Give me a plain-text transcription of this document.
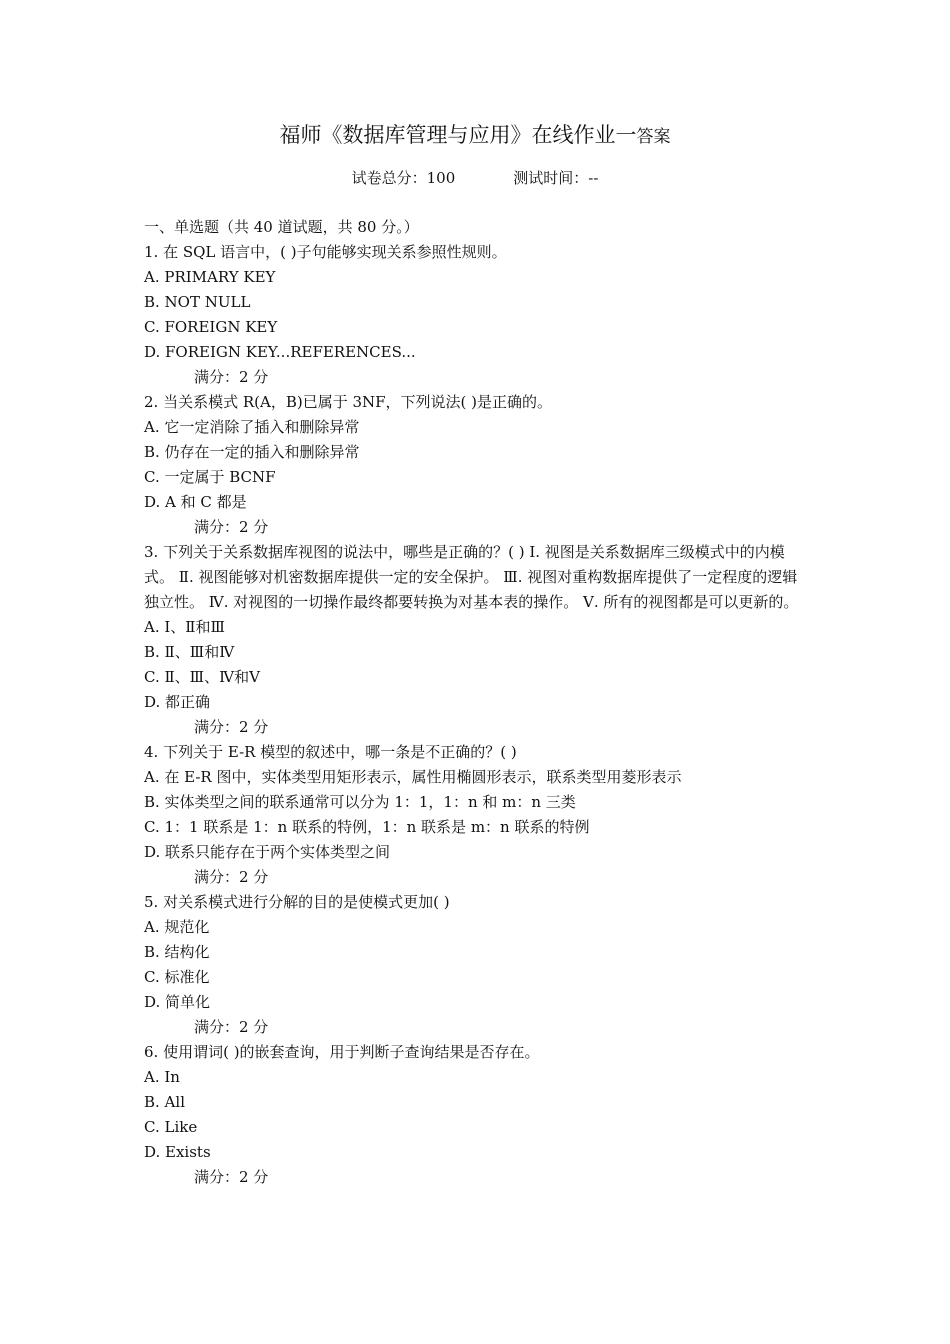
福师《数据库管理与应用》在线作业一答案
试卷总分：100	测试时间：--
一、单选题（共 40 道试题，共 80 分。）
1. 在 SQL 语言中，( )子句能够实现关系参照性规则。
A. PRIMARY KEY
B. NOT NULL
C. FOREIGN KEY
D. FOREIGN KEY...REFERENCES...
满分：2 分
2. 当关系模式 R(A，B)已属于 3NF，下列说法( )是正确的。
A. 它一定消除了插入和删除异常
B. 仍存在一定的插入和删除异常
C. 一定属于 BCNF
D. A 和 C 都是
满分：2 分
3. 下列关于关系数据库视图的说法中，哪些是正确的？( ) Ⅰ. 视图是关系数据库三级模式中的内模式。 Ⅱ. 视图能够对机密数据库提供一定的安全保护。 Ⅲ. 视图对重构数据库提供了一定程度的逻辑独立性。 Ⅳ. 对视图的一切操作最终都要转换为对基本表的操作。 Ⅴ. 所有的视图都是可以更新的。
A. Ⅰ、Ⅱ和Ⅲ
B. Ⅱ、Ⅲ和Ⅳ
C. Ⅱ、Ⅲ、Ⅳ和Ⅴ
D. 都正确
满分：2 分
4. 下列关于 E-R 模型的叙述中，哪一条是不正确的？( )
A. 在 E-R 图中，实体类型用矩形表示，属性用椭圆形表示，联系类型用菱形表示
B. 实体类型之间的联系通常可以分为 1：1，1：n 和 m：n 三类
C. 1：1 联系是 1：n 联系的特例，1：n 联系是 m：n 联系的特例
D. 联系只能存在于两个实体类型之间
满分：2 分
5. 对关系模式进行分解的目的是使模式更加( )
A. 规范化
B. 结构化
C. 标准化
D. 简单化
满分：2 分
6. 使用谓词( )的嵌套查询，用于判断子查询结果是否存在。
A. In
B. All
C. Like
D. Exists
满分：2 分
